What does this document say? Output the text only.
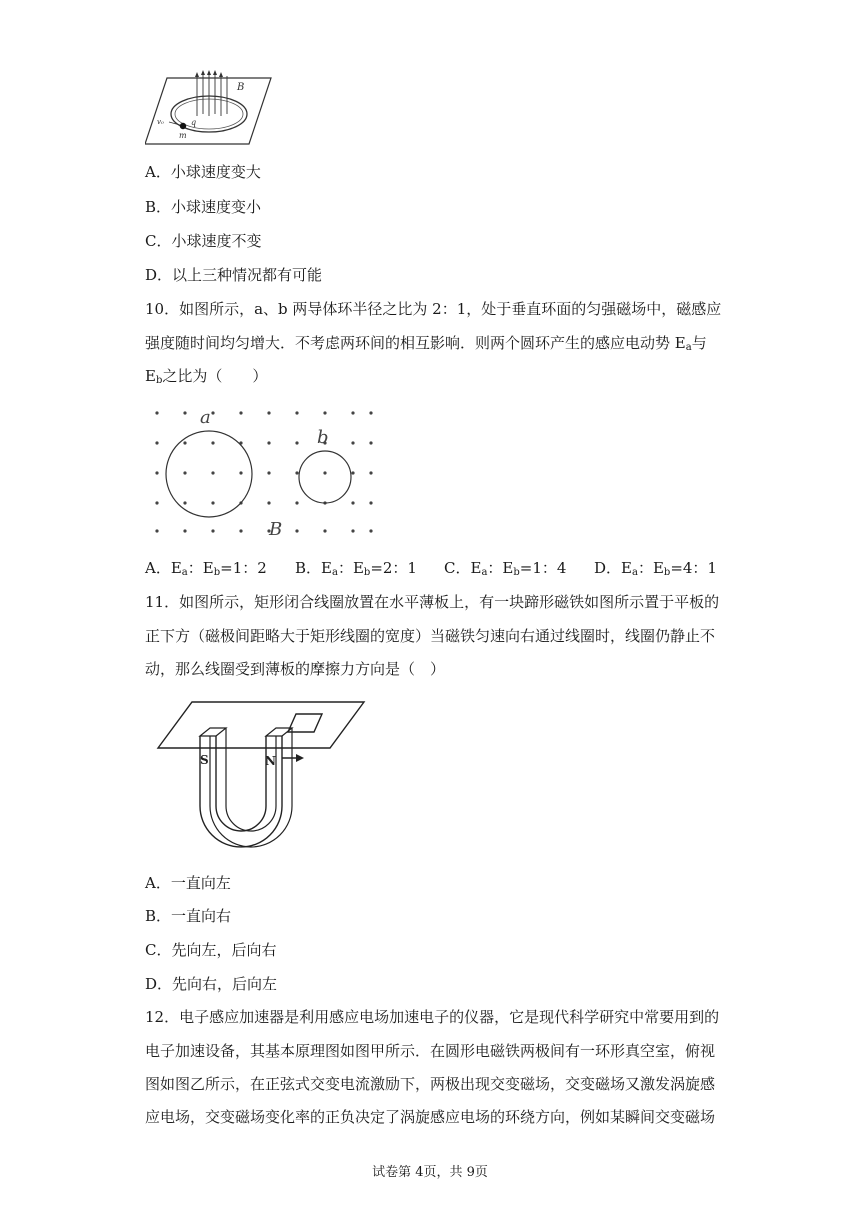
B
q
m
v₀
A．小球速度变大
B．小球速度变小
C．小球速度不变
D．以上三种情况都有可能
10．如图所示，a、b 两导体环半径之比为 2：1，处于垂直环面的匀强磁场中，磁感应
强度随时间均匀增大．不考虑两环间的相互影响．则两个圆环产生的感应电动势 $E_a$与
$E_b$之比为（　　）
a
b
B
A．$E_a$：$E_b=1$：2 B．$E_a$：$E_b=2$：1 C．$E_a$：$E_b=1$：4 D．$E_a$：$E_b=4$：1
11．如图所示，矩形闭合线圈放置在水平薄板上，有一块蹄形磁铁如图所示置于平板的
正下方（磁极间距略大于矩形线圈的宽度）当磁铁匀速向右通过线圈时，线圈仍静止不
动，那么线圈受到薄板的摩擦力方向是（　）
S	N
A．一直向左
B．一直向右
C．先向左，后向右
D．先向右，后向左
12．电子感应加速器是利用感应电场加速电子的仪器，它是现代科学研究中常要用到的
电子加速设备，其基本原理图如图甲所示．在圆形电磁铁两极间有一环形真空室，俯视
图如图乙所示，在正弦式交变电流激励下，两极出现交变磁场，交变磁场又激发涡旋感
应电场，交变磁场变化率的正负决定了涡旋感应电场的环绕方向，例如某瞬间交变磁场
试卷第 4页，共 9页
